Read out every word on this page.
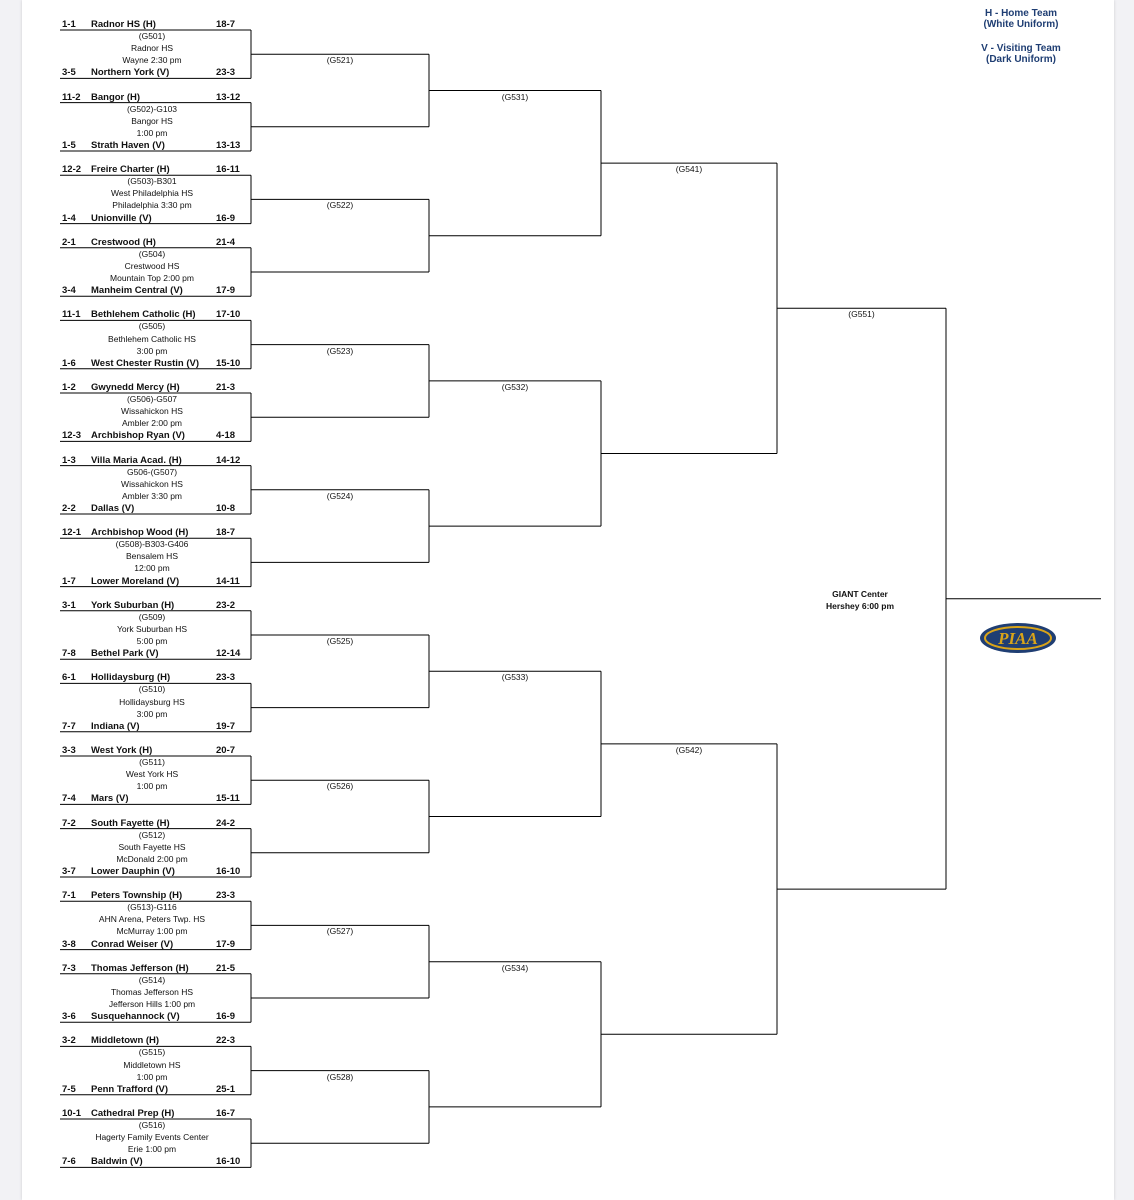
H - Home Team
(White Uniform)
V - Visiting Team
(Dark Uniform)
GIANT Center
Hershey 6:00 pm
1-1 Radnor HS (H)	18-7
3-5 Northern York (V)	23-3
(G501)
Radnor HS
Wayne 2:30 pm
11-2 Bangor (H)	13-12
1-5 Strath Haven (V)	13-13
(G502)-G103
Bangor HS
1:00 pm
12-2 Freire Charter (H)	16-11
1-4 Unionville (V)	16-9
(G503)-B301
West Philadelphia HS
Philadelphia 3:30 pm
2-1 Crestwood (H)	21-4
3-4 Manheim Central (V)	17-9
(G504)
Crestwood HS
Mountain Top 2:00 pm
11-1 Bethlehem Catholic (H) 17-10
1-6 West Chester Rustin (V) 15-10
(G505)
Bethlehem Catholic HS
3:00 pm
1-2 Gwynedd Mercy (H)	21-3
12-3 Archbishop Ryan (V)	4-18
(G506)-G507
Wissahickon HS
Ambler 2:00 pm
1-3 Villa Maria Acad. (H)	14-12
2-2 Dallas (V)	10-8
G506-(G507)
Wissahickon HS
Ambler 3:30 pm
12-1 Archbishop Wood (H)	18-7
1-7 Lower Moreland (V)	14-11
(G508)-B303-G406
Bensalem HS
12:00 pm
3-1 York Suburban (H)	23-2
7-8 Bethel Park (V)	12-14
(G509)
York Suburban HS
5:00 pm
6-1 Hollidaysburg (H)	23-3
7-7 Indiana (V)	19-7
(G510)
Hollidaysburg HS
3:00 pm
3-3 West York (H)	20-7
7-4 Mars (V)	15-11
(G511)
West York HS
1:00 pm
7-2 South Fayette (H)	24-2
3-7 Lower Dauphin (V)	16-10
(G512)
South Fayette HS
McDonald 2:00 pm
7-1 Peters Township (H)	23-3
3-8 Conrad Weiser (V)	17-9
(G513)-G116
AHN Arena, Peters Twp. HS
McMurray 1:00 pm
7-3 Thomas Jefferson (H)	21-5
3-6 Susquehannock (V)	16-9
(G514)
Thomas Jefferson HS
Jefferson Hills 1:00 pm
3-2 Middletown (H)	22-3
7-5 Penn Trafford (V)	25-1
(G515)
Middletown HS
1:00 pm
10-1 Cathedral Prep (H)	16-7
7-6 Baldwin (V)	16-10
(G516)
Hagerty Family Events Center
Erie 1:00 pm
(G521)
(G522)
(G523)
(G524)
(G525)
(G526)
(G527)
(G528)
(G531)
(G532)
(G533)
(G534)
(G541)
(G542)
(G551)
PIAA
